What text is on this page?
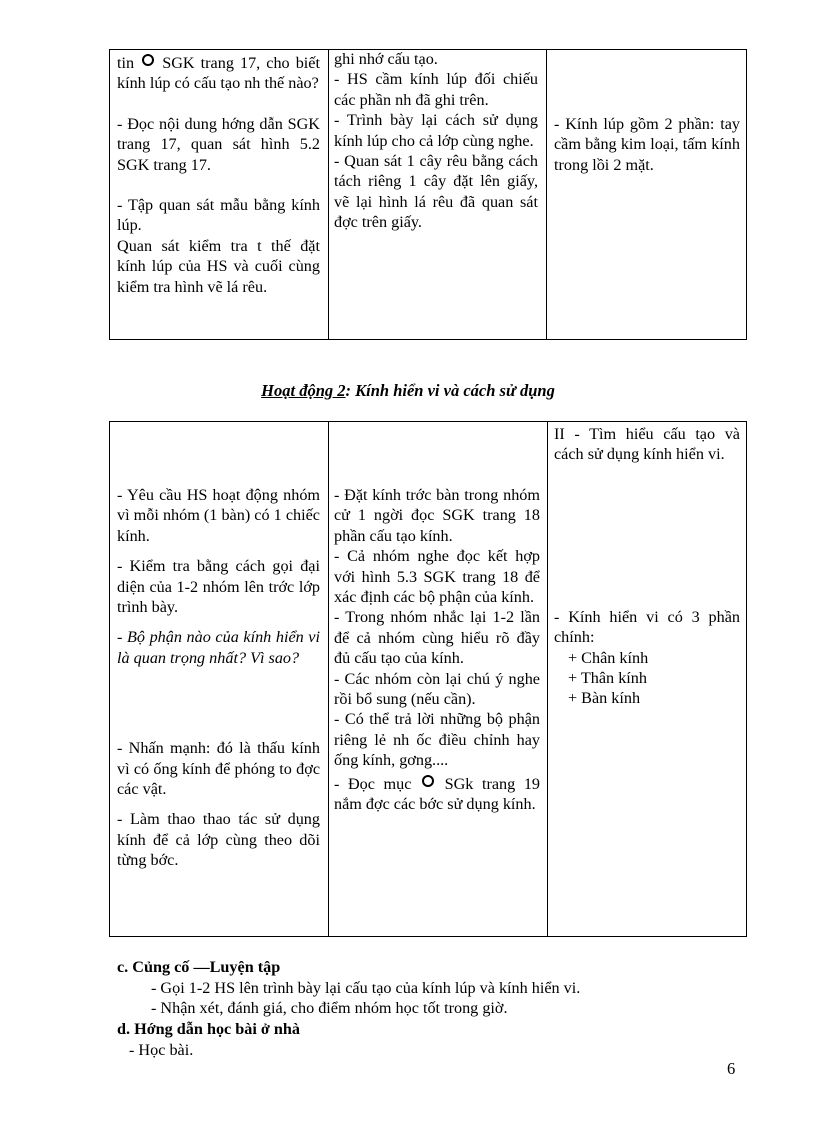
tin SGK trang 17, cho biết kính lúp có cấu tạo nh thế nào?

- Đọc nội dung hớng dẫn SGK trang 17, quan sát hình 5.2 SGK trang 17.

- Tập quan sát mẫu bằng kính lúp.

Quan sát kiểm tra t thế đặt kính lúp của HS và cuối cùng kiểm tra hình vẽ lá rêu.

ghi nhớ cấu tạo.

- HS cầm kính lúp đối chiếu các phần nh đã ghi trên.

- Trình bày lại cách sử dụng kính lúp cho cả lớp cùng nghe.

- Quan sát 1 cây rêu bằng cách tách riêng 1 cây đặt lên giấy, vẽ lại hình lá rêu đã quan sát đợc trên giấy.

- Kính lúp gồm 2 phần: tay cầm bằng kim loại, tấm kính trong lồi 2 mặt.

Hoạt động 2: Kính hiển vi và cách sử dụng

- Yêu cầu HS hoạt động nhóm vì mỗi nhóm (1 bàn) có 1 chiếc kính.

- Kiểm tra bằng cách gọi đại diện của 1-2 nhóm lên trớc lớp trình bày.

- Bộ phận nào của kính hiển vi là quan trọng nhất? Vì sao?

- Nhấn mạnh: đó là thấu kính vì có ống kính để phóng to đợc các vật.

- Làm thao thao tác sử dụng kính để cả lớp cùng theo dõi từng bớc.

- Đặt kính trớc bàn trong nhóm cử 1 ngời đọc SGK trang 18 phần cấu tạo kính.

- Cả nhóm nghe đọc kết hợp với hình 5.3 SGK trang 18 để xác định các bộ phận của kính.

- Trong nhóm nhắc lại 1-2 lần để cả nhóm cùng hiểu rõ đầy đủ cấu tạo của kính.

- Các nhóm còn lại chú ý nghe rồi bổ sung (nếu cần).

- Có thể trả lời những bộ phận riêng lẻ nh ốc điều chỉnh hay ống kính, gơng....

- Đọc mục SGk trang 19 nắm đợc các bớc sử dụng kính.

II - Tìm hiểu cấu tạo và cách sử dụng kính hiển vi.

- Kính hiển vi có 3 phần chính:

+ Chân kính

+ Thân kính

+ Bàn kính

c. Củng cố —Luyện tập
- Gọi 1-2 HS lên trình bày lại cấu tạo của kính lúp và kính hiển vi.
- Nhận xét, đánh giá, cho điểm nhóm học tốt trong giờ.
d. Hớng dẫn học bài ở nhà
- Học bài.
6
